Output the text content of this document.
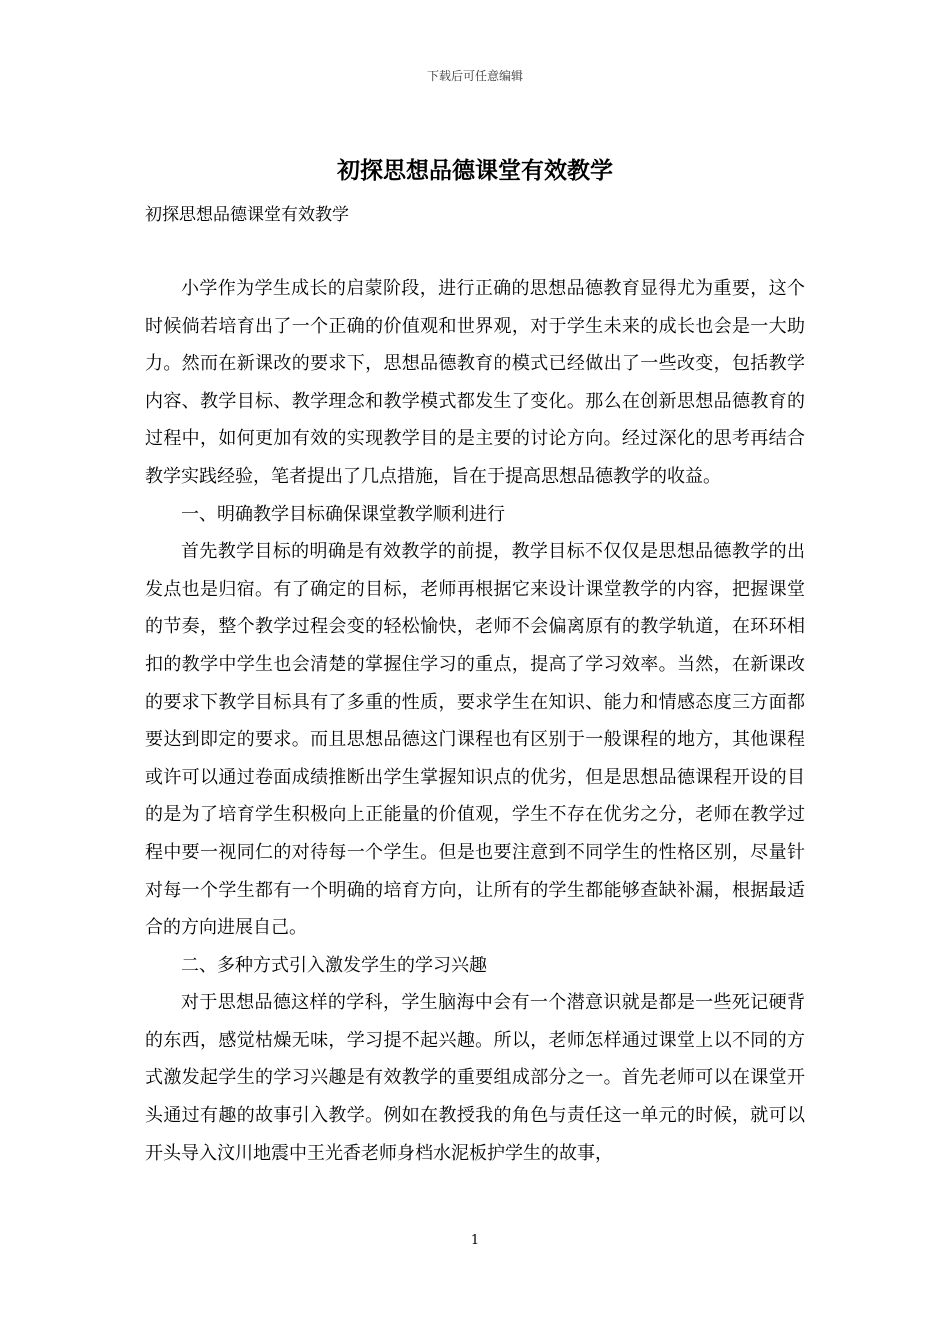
下载后可任意编辑
初探思想品德课堂有效教学
初探思想品德课堂有效教学

小学作为学生成长的启蒙阶段，进行正确的思想品德教育显得尤为重要，这个时候倘若培育出了一个正确的价值观和世界观，对于学生未来的成长也会是一大助力。然而在新课改的要求下，思想品德教育的模式已经做出了一些改变，包括教学内容、教学目标、教学理念和教学模式都发生了变化。那么在创新思想品德教育的过程中，如何更加有效的实现教学目的是主要的讨论方向。经过深化的思考再结合教学实践经验，笔者提出了几点措施，旨在于提高思想品德教学的收益。

一、明确教学目标确保课堂教学顺利进行

首先教学目标的明确是有效教学的前提，教学目标不仅仅是思想品德教学的出发点也是归宿。有了确定的目标，老师再根据它来设计课堂教学的内容，把握课堂的节奏，整个教学过程会变的轻松愉快，老师不会偏离原有的教学轨道，在环环相扣的教学中学生也会清楚的掌握住学习的重点，提高了学习效率。当然，在新课改的要求下教学目标具有了多重的性质，要求学生在知识、能力和情感态度三方面都要达到即定的要求。而且思想品德这门课程也有区别于一般课程的地方，其他课程或许可以通过卷面成绩推断出学生掌握知识点的优劣，但是思想品德课程开设的目的是为了培育学生积极向上正能量的价值观，学生不存在优劣之分，老师在教学过程中要一视同仁的对待每一个学生。但是也要注意到不同学生的性格区别，尽量针对每一个学生都有一个明确的培育方向，让所有的学生都能够查缺补漏，根据最适合的方向进展自己。

二、多种方式引入激发学生的学习兴趣

对于思想品德这样的学科，学生脑海中会有一个潜意识就是都是一些死记硬背的东西，感觉枯燥无味，学习提不起兴趣。所以，老师怎样通过课堂上以不同的方式激发起学生的学习兴趣是有效教学的重要组成部分之一。首先老师可以在课堂开头通过有趣的故事引入教学。例如在教授我的角色与责任这一单元的时候，就可以开头导入汶川地震中王光香老师身档水泥板护学生的故事，

1
